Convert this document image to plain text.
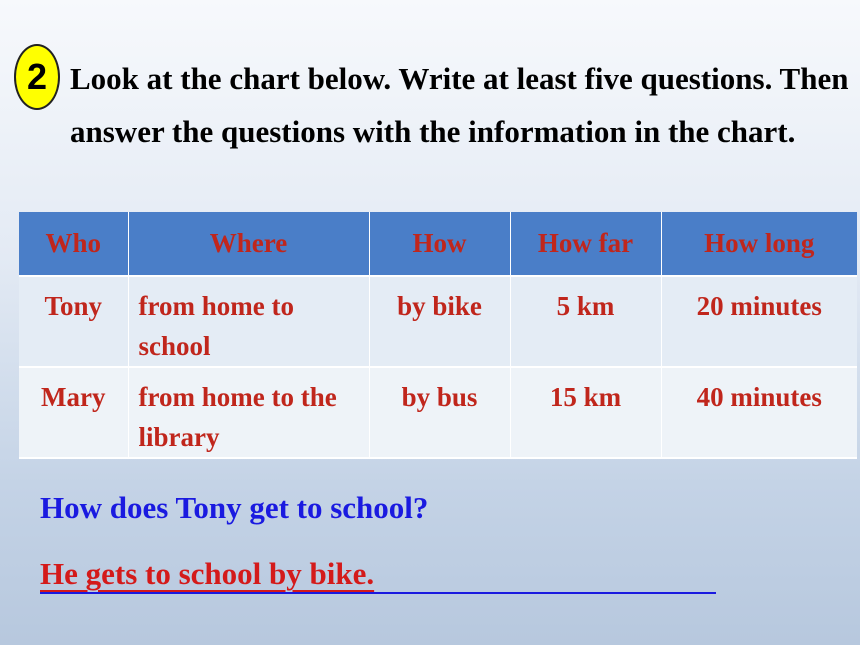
2 Look at the chart below. Write at least five questions. Then answer the questions with the information in the chart.

Who	Where	How	How far	How long
Tony	from home to school	by bike	5 km	20 minutes
Mary	from home to the library	by bus	15 km	40 minutes
How does Tony get to school?
He gets to school by bike.
